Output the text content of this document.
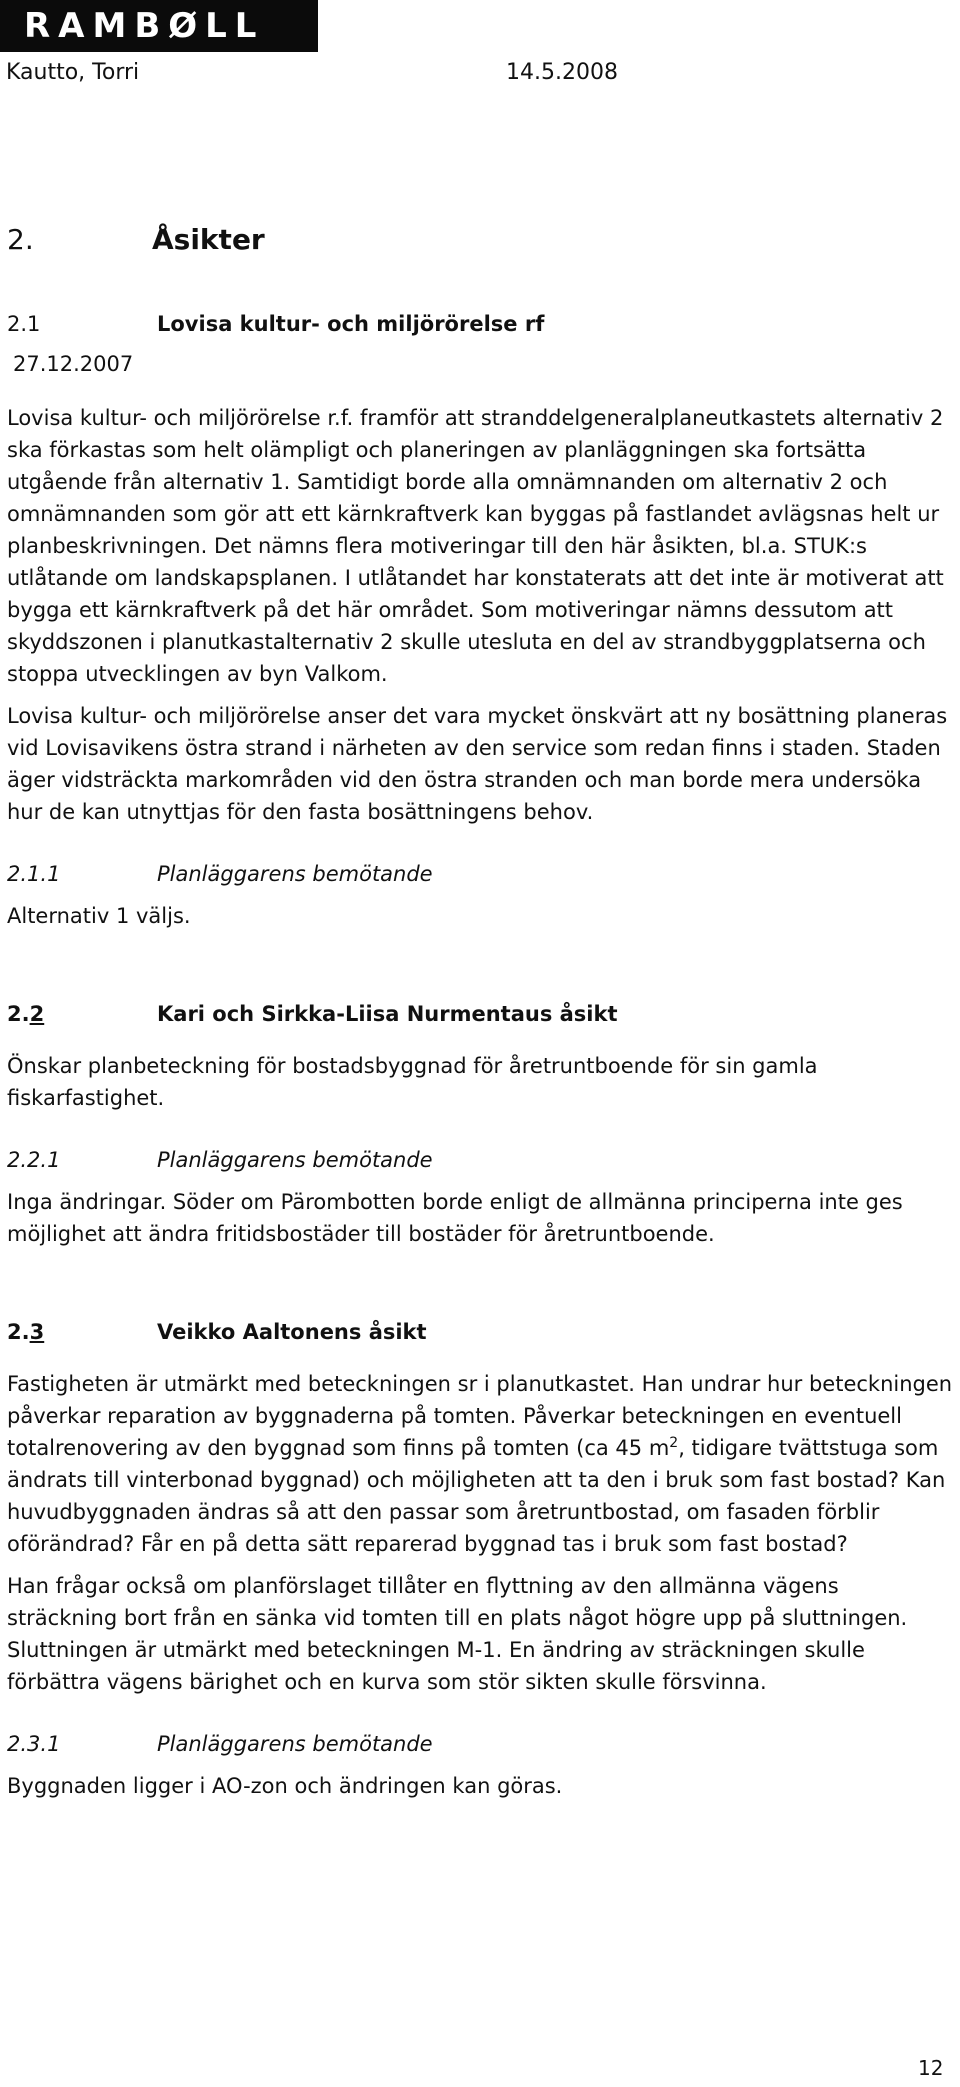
RAMBØLL
Kautto, Torri	14.5.2008
2.	Åsikter
2.1	Lovisa kultur- och miljörörelse rf
27.12.2007

Lovisa kultur- och miljörörelse r.f. framför att stranddelgeneralplaneutkastets alternativ 2 ska förkastas som helt olämpligt och planeringen av planläggningen ska fortsätta utgående från alternativ 1. Samtidigt borde alla omnämnanden om alternativ 2 och omnämnanden som gör att ett kärnkraftverk kan byggas på fastlandet avlägsnas helt ur planbeskrivningen. Det nämns flera motiveringar till den här åsikten, bl.a. STUK:s utlåtande om landskapsplanen. I utlåtandet har konstaterats att det inte är motiverat att bygga ett kärnkraftverk på det här området. Som motiveringar nämns dessutom att skyddszonen i planutkastalternativ 2 skulle utesluta en del av strandbyggplatserna och stoppa utvecklingen av byn Valkom.

Lovisa kultur- och miljörörelse anser det vara mycket önskvärt att ny bosättning planeras vid Lovisavikens östra strand i närheten av den service som redan finns i staden. Staden äger vidsträckta markområden vid den östra stranden och man borde mera undersöka hur de kan utnyttjas för den fasta bosättningens behov.

2.1.1	Planläggarens bemötande

Alternativ 1 väljs.

2.2	Kari och Sirkka-Liisa Nurmentaus åsikt

Önskar planbeteckning för bostadsbyggnad för åretruntboende för sin gamla fiskarfastighet.

2.2.1	Planläggarens bemötande

Inga ändringar. Söder om Pärombotten borde enligt de allmänna principerna inte ges möjlighet att ändra fritidsbostäder till bostäder för åretruntboende.

2.3	Veikko Aaltonens åsikt

Fastigheten är utmärkt med beteckningen sr i planutkastet. Han undrar hur beteckningen påverkar reparation av byggnaderna på tomten. Påverkar beteckningen en eventuell totalrenovering av den byggnad som finns på tomten (ca 45 $m^2$, tidigare tvättstuga som ändrats till vinterbonad byggnad) och möjligheten att ta den i bruk som fast bostad? Kan huvudbyggnaden ändras så att den passar som åretruntbostad, om fasaden förblir oförändrad? Får en på detta sätt reparerad byggnad tas i bruk som fast bostad?

Han frågar också om planförslaget tillåter en flyttning av den allmänna vägens sträckning bort från en sänka vid tomten till en plats något högre upp på sluttningen. Sluttningen är utmärkt med beteckningen M-1. En ändring av sträckningen skulle förbättra vägens bärighet och en kurva som stör sikten skulle försvinna.

2.3.1	Planläggarens bemötande

Byggnaden ligger i AO-zon och ändringen kan göras.

12
